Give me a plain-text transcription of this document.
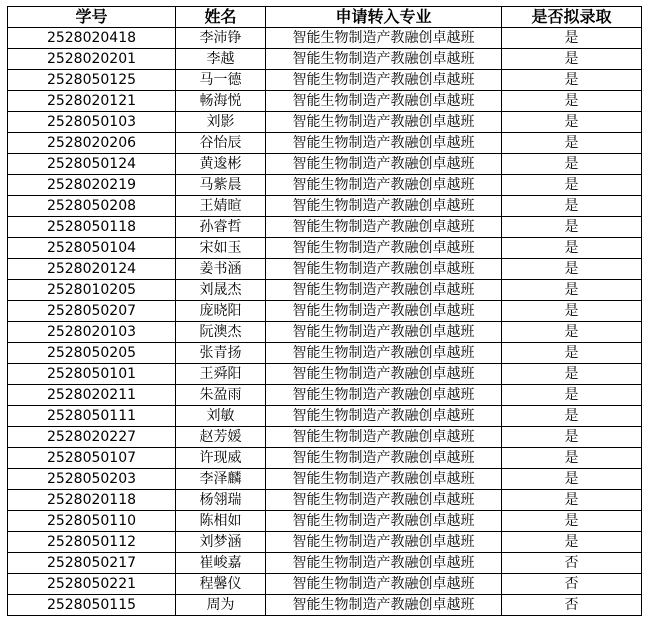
学号	姓名	申请转入专业	是否拟录取
2528020418	李沛铮	智能生物制造产教融创卓越班	是
2528020201	李越	智能生物制造产教融创卓越班	是
2528050125	马一德	智能生物制造产教融创卓越班	是
2528020121	畅海悦	智能生物制造产教融创卓越班	是
2528050103	刘影	智能生物制造产教融创卓越班	是
2528020206	谷怡辰	智能生物制造产教融创卓越班	是
2528050124	黄逡彬	智能生物制造产教融创卓越班	是
2528020219	马紫晨	智能生物制造产教融创卓越班	是
2528050208	王婧暄	智能生物制造产教融创卓越班	是
2528050118	孙睿哲	智能生物制造产教融创卓越班	是
2528050104	宋如玉	智能生物制造产教融创卓越班	是
2528020124	姜书涵	智能生物制造产教融创卓越班	是
2528010205	刘晟杰	智能生物制造产教融创卓越班	是
2528050207	庞晓阳	智能生物制造产教融创卓越班	是
2528020103	阮澳杰	智能生物制造产教融创卓越班	是
2528050205	张青扬	智能生物制造产教融创卓越班	是
2528050101	王舜阳	智能生物制造产教融创卓越班	是
2528020211	朱盈雨	智能生物制造产教融创卓越班	是
2528050111	刘敏	智能生物制造产教融创卓越班	是
2528020227	赵芳媛	智能生物制造产教融创卓越班	是
2528050107	许现威	智能生物制造产教融创卓越班	是
2528050203	李泽麟	智能生物制造产教融创卓越班	是
2528020118	杨翎瑞	智能生物制造产教融创卓越班	是
2528050110	陈相如	智能生物制造产教融创卓越班	是
2528050112	刘梦涵	智能生物制造产教融创卓越班	是
2528050217	崔峻嘉	智能生物制造产教融创卓越班	否
2528050221	程馨仪	智能生物制造产教融创卓越班	否
2528050115	周为	智能生物制造产教融创卓越班	否
